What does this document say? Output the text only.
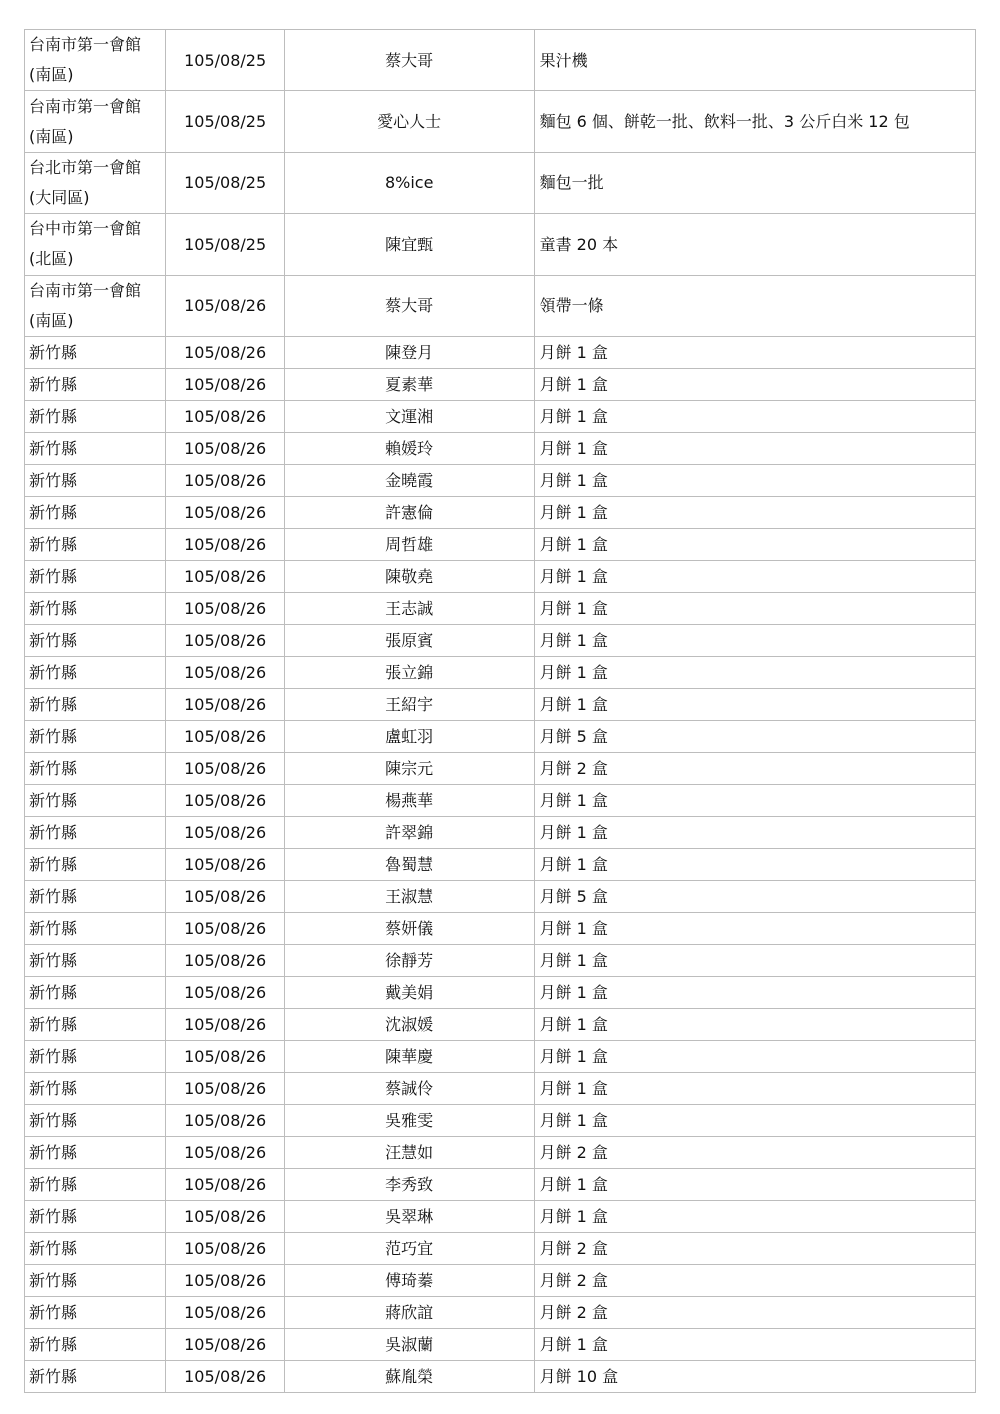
台南市第一會館
(南區)	105/08/25	蔡大哥	果汁機

台南市第一會館
(南區)	105/08/25	愛心人士	麵包 6 個、餅乾一批、飲料一批、3 公斤白米 12 包

台北市第一會館
(大同區)	105/08/25	8%ice	麵包一批

台中市第一會館
(北區)	105/08/25	陳宜甄	童書 20 本

台南市第一會館
(南區)	105/08/26	蔡大哥	領帶一條

新竹縣	105/08/26	陳登月	月餅 1 盒

新竹縣	105/08/26	夏素華	月餅 1 盒

新竹縣	105/08/26	文運湘	月餅 1 盒

新竹縣	105/08/26	賴媛玲	月餅 1 盒

新竹縣	105/08/26	金曉霞	月餅 1 盒

新竹縣	105/08/26	許憲倫	月餅 1 盒

新竹縣	105/08/26	周哲雄	月餅 1 盒

新竹縣	105/08/26	陳敬堯	月餅 1 盒

新竹縣	105/08/26	王志誠	月餅 1 盒

新竹縣	105/08/26	張原賓	月餅 1 盒

新竹縣	105/08/26	張立錦	月餅 1 盒

新竹縣	105/08/26	王紹宇	月餅 1 盒

新竹縣	105/08/26	盧虹羽	月餅 5 盒

新竹縣	105/08/26	陳宗元	月餅 2 盒

新竹縣	105/08/26	楊燕華	月餅 1 盒

新竹縣	105/08/26	許翠錦	月餅 1 盒

新竹縣	105/08/26	魯蜀慧	月餅 1 盒

新竹縣	105/08/26	王淑慧	月餅 5 盒

新竹縣	105/08/26	蔡妍儀	月餅 1 盒

新竹縣	105/08/26	徐靜芳	月餅 1 盒

新竹縣	105/08/26	戴美娟	月餅 1 盒

新竹縣	105/08/26	沈淑媛	月餅 1 盒

新竹縣	105/08/26	陳華慶	月餅 1 盒

新竹縣	105/08/26	蔡誠伶	月餅 1 盒

新竹縣	105/08/26	吳雅雯	月餅 1 盒

新竹縣	105/08/26	汪慧如	月餅 2 盒

新竹縣	105/08/26	李秀致	月餅 1 盒

新竹縣	105/08/26	吳翠琳	月餅 1 盒

新竹縣	105/08/26	范巧宜	月餅 2 盒

新竹縣	105/08/26	傅琦蓁	月餅 2 盒

新竹縣	105/08/26	蔣欣誼	月餅 2 盒

新竹縣	105/08/26	吳淑蘭	月餅 1 盒

新竹縣	105/08/26	蘇胤榮	月餅 10 盒
